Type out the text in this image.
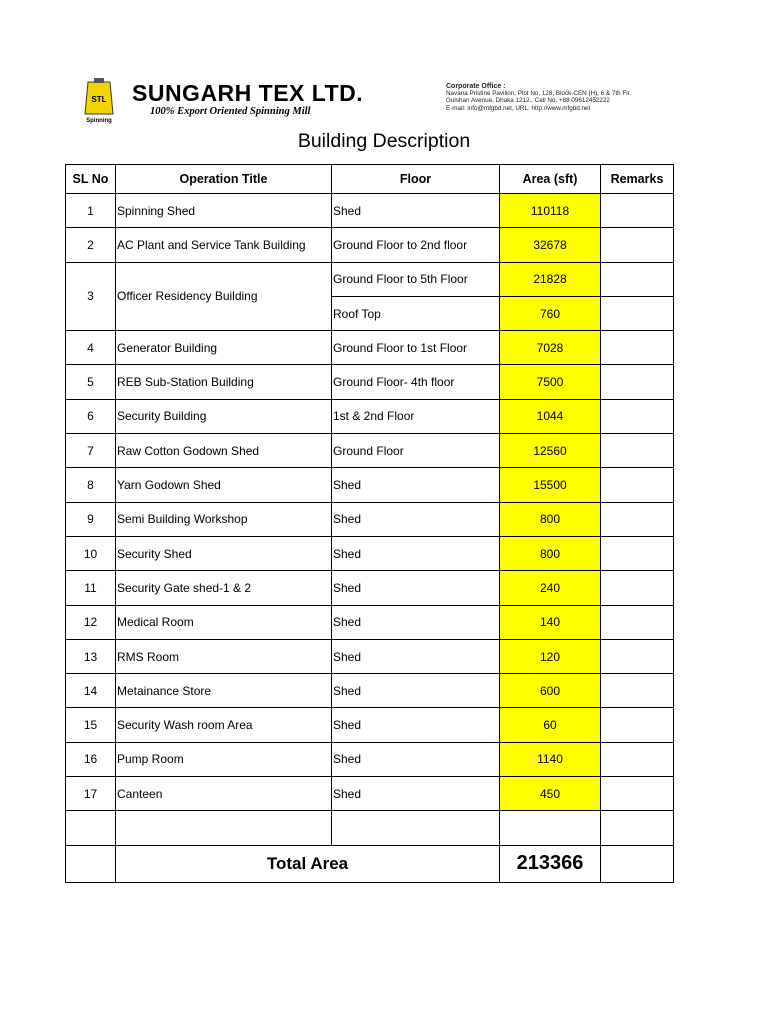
STL
Spinning
SUNGARH TEX LTD.
100% Export Oriented Spinning Mill
Corporate Office :
Navana Pristine Pavilion, Plot No. 128, Block-CEN (H), 6 & 7th Flr.
Gulshan Avenue, Dhaka 1212., Cell No. +88 09612452222
E-mail: info@mfgbd.net, URL: http://www.mfgbd.net
Building Description
SL No	Operation Title	Floor	Area (sft)	Remarks
1	Spinning Shed	Shed	110118	
2	AC Plant and Service Tank Building	Ground Floor to 2nd floor	32678	
3	Officer Residency Building	Ground Floor to 5th Floor	21828	
		Roof Top	760	
4	Generator Building	Ground Floor to 1st Floor	7028	
5	REB Sub-Station Building	Ground Floor- 4th floor	7500	
6	Security Building	1st & 2nd Floor	1044	
7	Raw Cotton Godown Shed	Ground Floor	12560	
8	Yarn Godown Shed	Shed	15500	
9	Semi Building Workshop	Shed	800	
10	Security Shed	Shed	800	
11	Security Gate shed-1 & 2	Shed	240	
12	Medical Room	Shed	140	
13	RMS Room	Shed	120	
14	Metainance Store	Shed	600	
15	Security Wash room Area	Shed	60	
16	Pump Room	Shed	1140	
17	Canteen	Shed	450	

	Total Area		213366	
